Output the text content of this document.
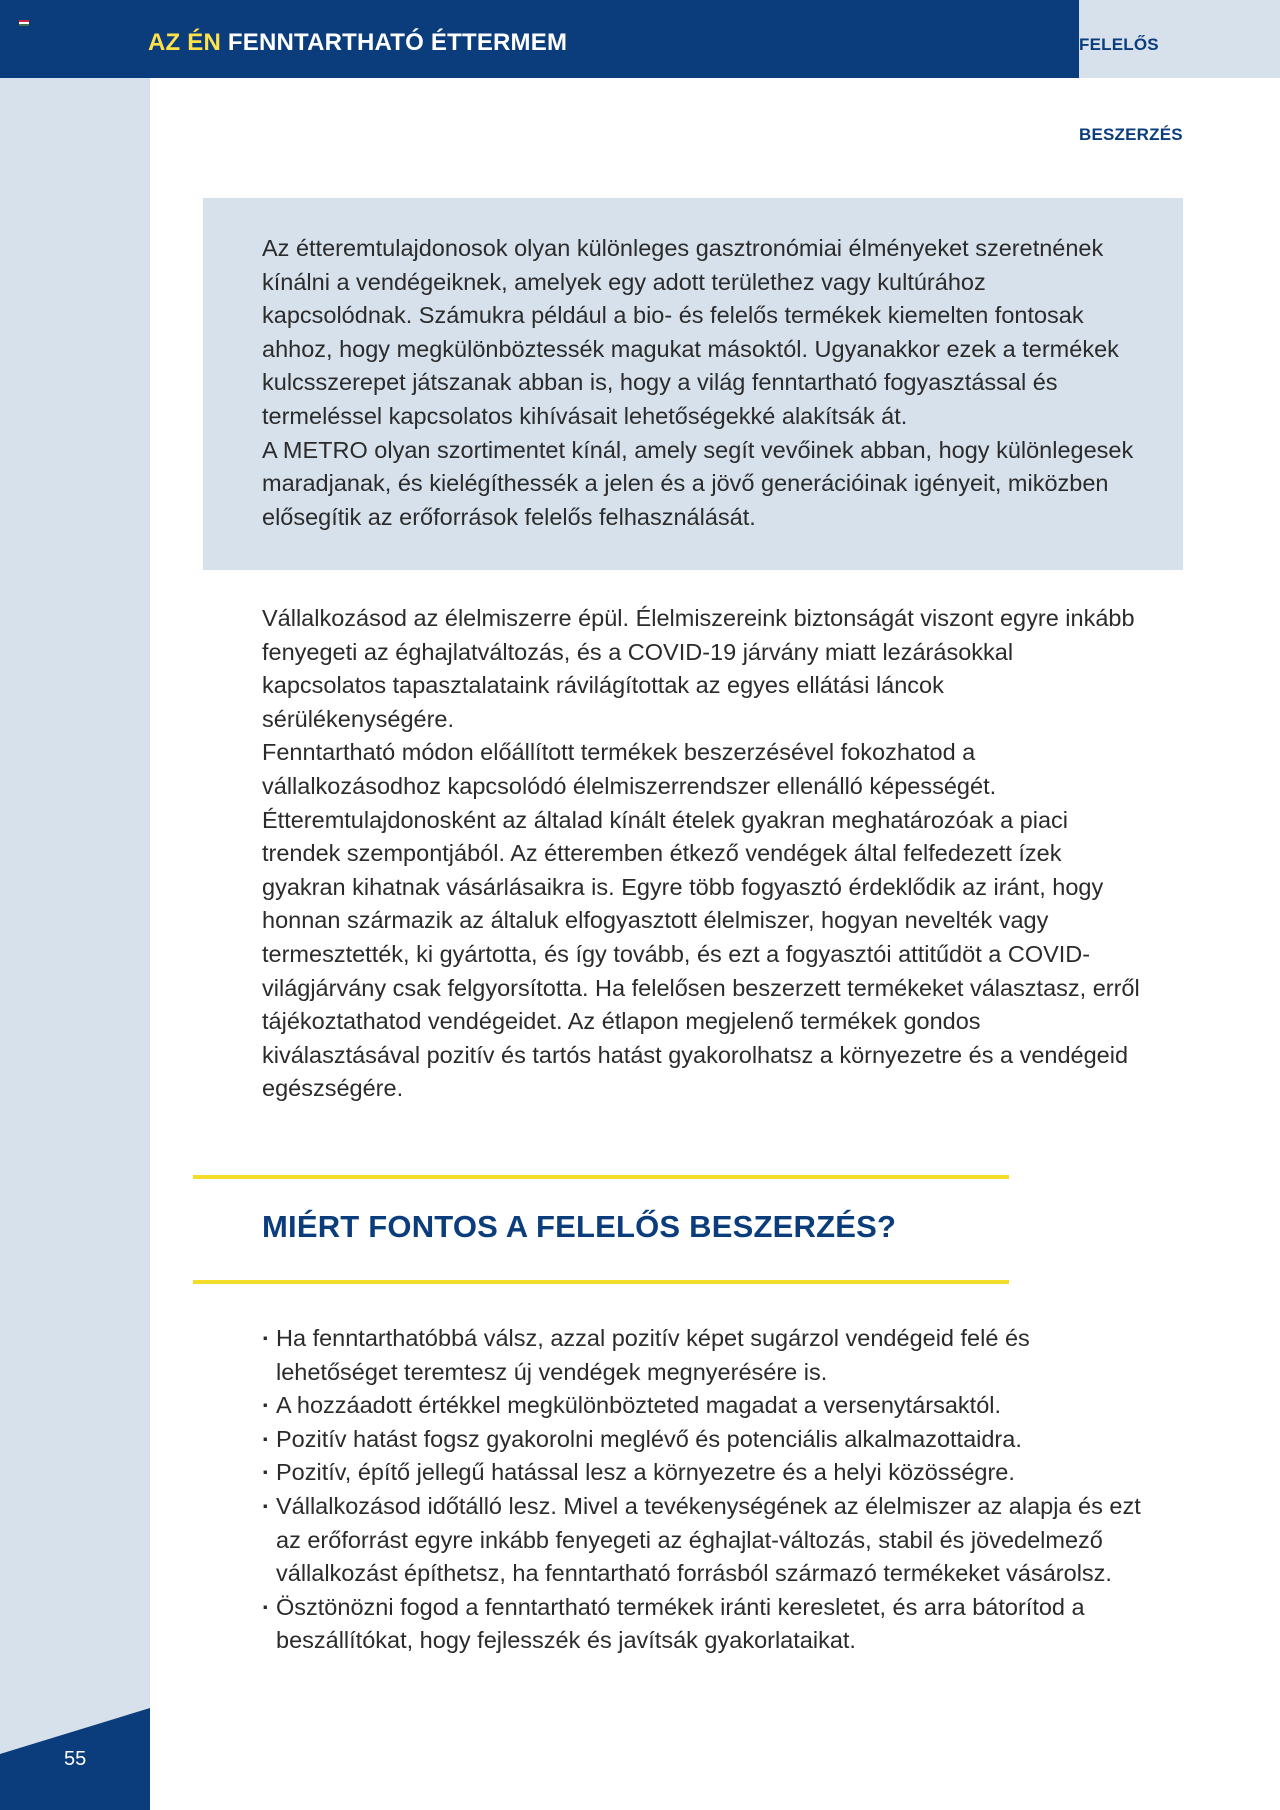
AZ ÉN FENNTARTHATÓ ÉTTERMEM	FELELŐS BESZERZÉS
55

Az étteremtulajdonosok olyan különleges gasztronómiai élményeket szeretnének kínálni a vendégeiknek, amelyek egy adott területhez vagy kultúrához kapcsolódnak. Számukra például a bio- és felelős termékek kiemelten fontosak ahhoz, hogy megkülönböztessék magukat másoktól. Ugyanakkor ezek a termékek kulcsszerepet játszanak abban is, hogy a világ fenntartható fogyasztással és termeléssel kapcsolatos kihívásait lehetőségekké alakítsák át.

A METRO olyan szortimentet kínál, amely segít vevőinek abban, hogy különlegesek maradjanak, és kielégíthessék a jelen és a jövő generációinak igényeit, miközben elősegítik az erőforrások felelős felhasználását.

Vállalkozásod az élelmiszerre épül. Élelmiszereink biztonságát viszont egyre inkább fenyegeti az éghajlatváltozás, és a COVID-19 járvány miatt lezárásokkal kapcsolatos tapasztalataink rávilágítottak az egyes ellátási láncok sérülékenységére.

Fenntartható módon előállított termékek beszerzésével fokozhatod a vállalkozásodhoz kapcsolódó élelmiszerrendszer ellenálló képességét.

Étteremtulajdonosként az általad kínált ételek gyakran meghatározóak a piaci trendek szempontjából. Az étteremben étkező vendégek által felfedezett ízek gyakran kihatnak vásárlásaikra is. Egyre több fogyasztó érdeklődik az iránt, hogy honnan származik az általuk elfogyasztott élelmiszer, hogyan nevelték vagy termesztették, ki gyártotta, és így tovább, és ezt a fogyasztói attitűdöt a COVID-világjárvány csak felgyorsította. Ha felelősen beszerzett termékeket választasz, erről tájékoztathatod vendégeidet. Az étlapon megjelenő termékek gondos kiválasztásával pozitív és tartós hatást gyakorolhatsz a környezetre és a vendégeid egészségére.

MIÉRT FONTOS A FELELŐS BESZERZÉS?
· Ha fenntarthatóbbá válsz, azzal pozitív képet sugárzol vendégeid felé és lehetőséget teremtesz új vendégek megnyerésére is.
· A hozzáadott értékkel megkülönbözteted magadat a versenytársaktól.
· Pozitív hatást fogsz gyakorolni meglévő és potenciális alkalmazottaidra.
· Pozitív, építő jellegű hatással lesz a környezetre és a helyi közösségre.
· Vállalkozásod időtálló lesz. Mivel a tevékenységének az élelmiszer az alapja és ezt az erőforrást egyre inkább fenyegeti az éghajlat-változás, stabil és jövedelmező vállalkozást építhetsz, ha fenntartható forrásból származó termékeket vásárolsz.
· Ösztönözni fogod a fenntartható termékek iránti keresletet, és arra bátorítod a beszállítókat, hogy fejlesszék és javítsák gyakorlataikat.
